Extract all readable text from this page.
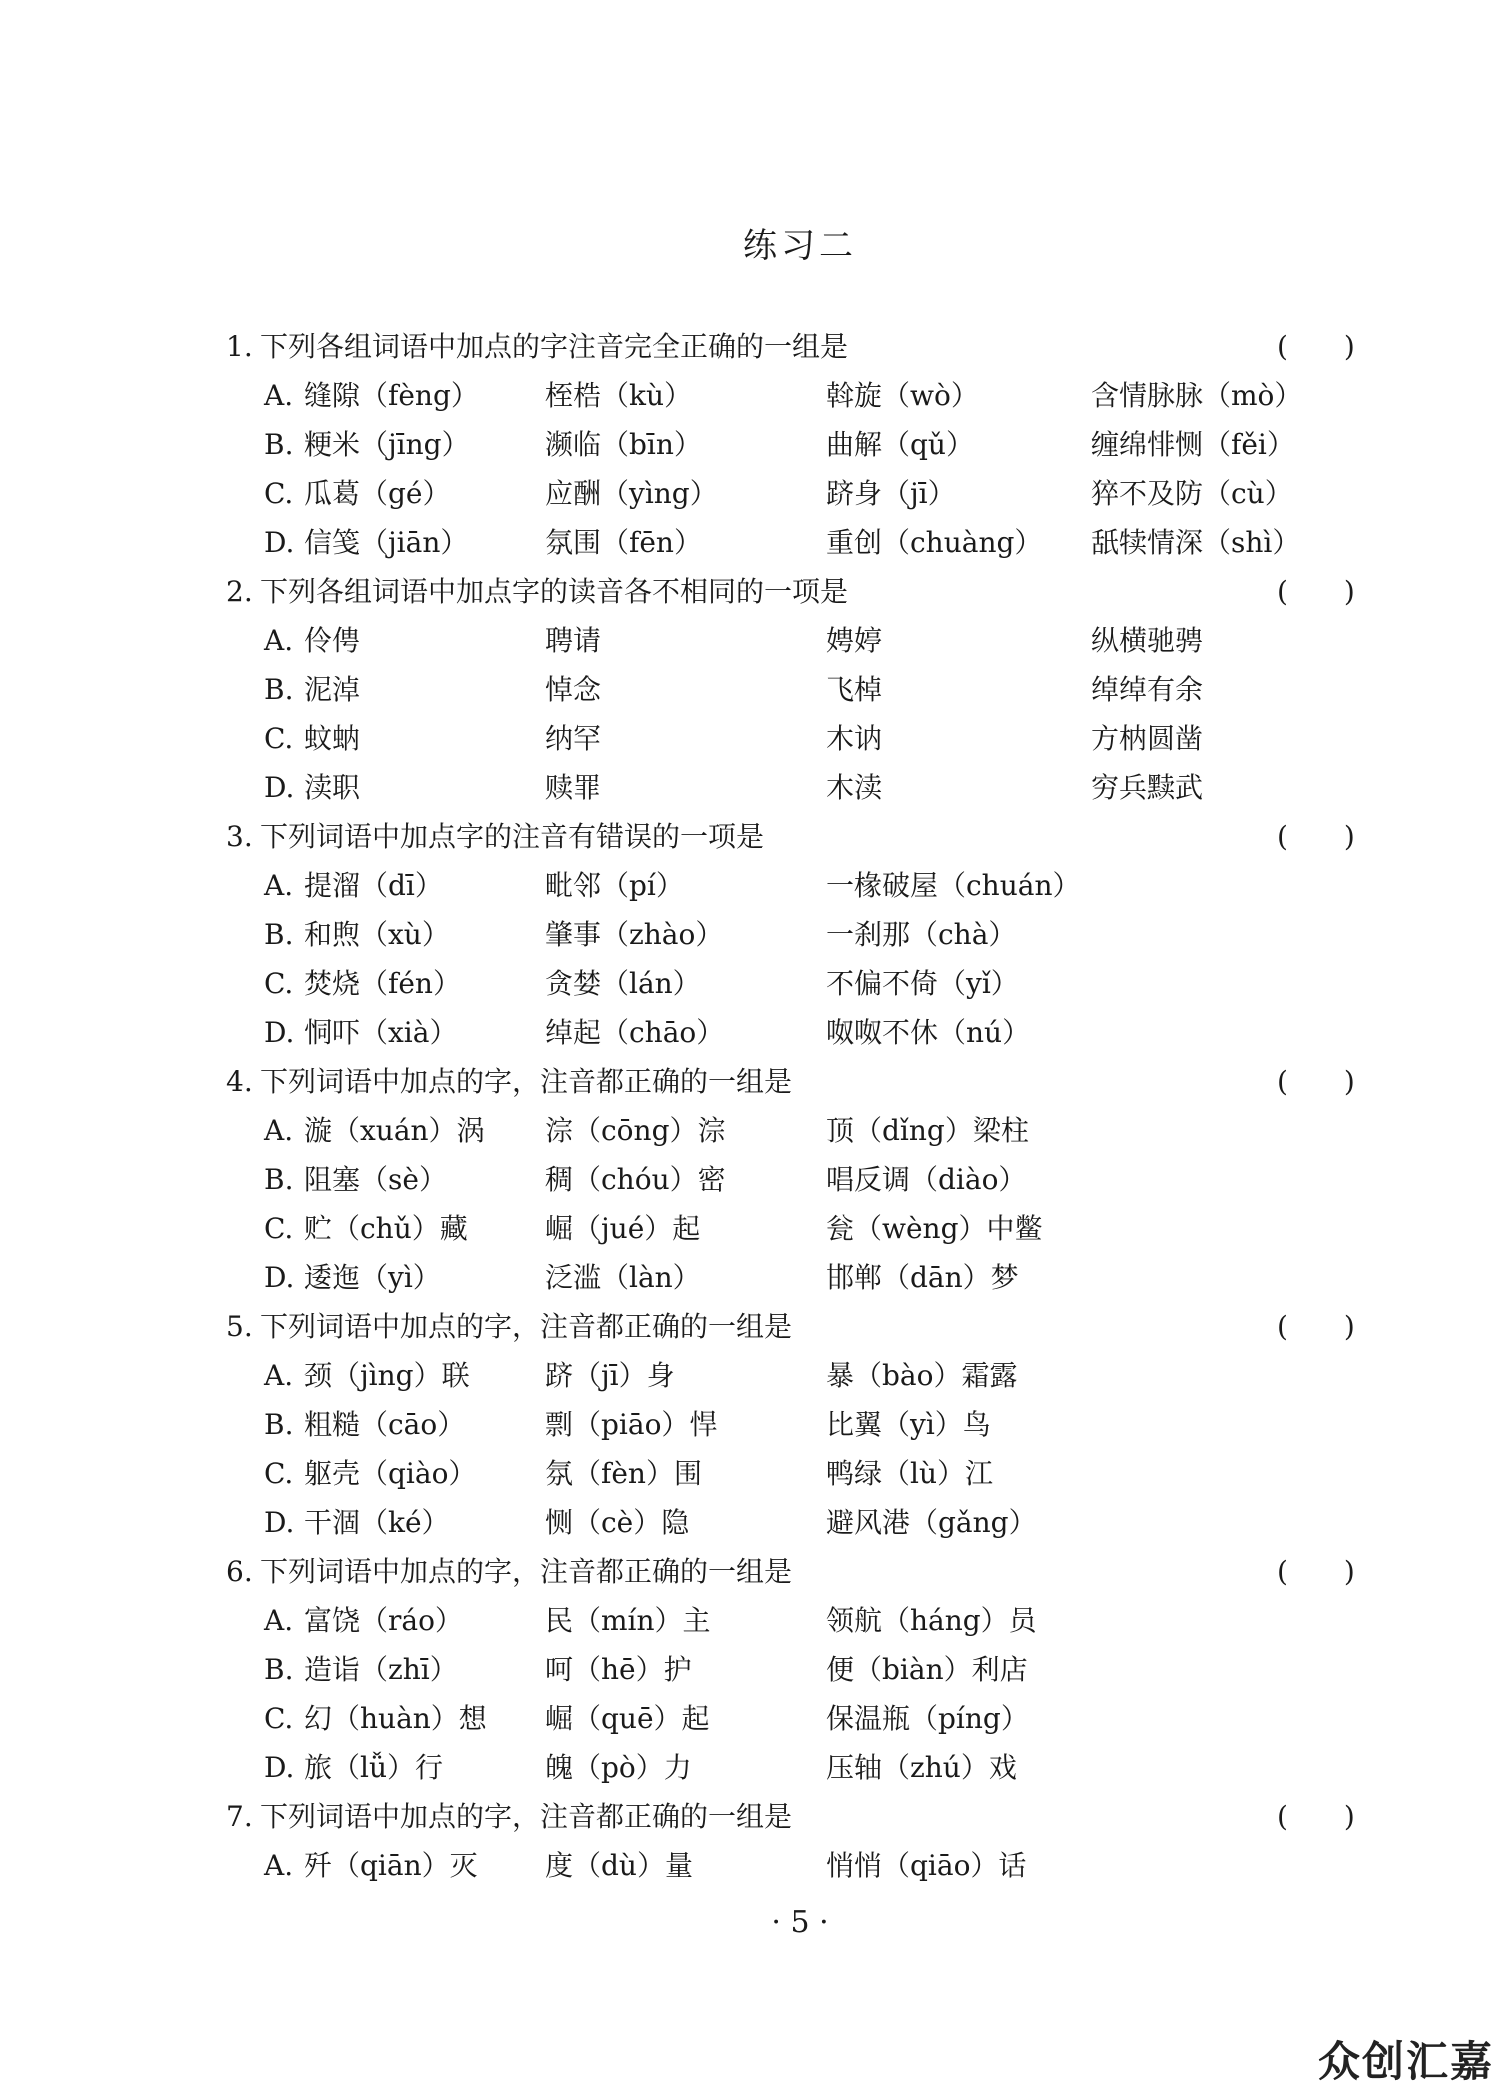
练习二
1. 下列各组词语中加点的字注音完全正确的一组是	(　　)
A. 缝隙（fèng） 桎梏（kù）	斡旋（wò）	含情脉脉（mò）
B. 粳米（jīng）	濒临（bīn）	曲解（qǔ）	缠绵悱恻（fěi）
C. 瓜葛（gé）	应酬（yìng）	跻身（jī）	猝不及防（cù）
D. 信笺（jiān）	氛围（fēn）	重创（chuàng） 舐犊情深（shì）
2. 下列各组词语中加点字的读音各不相同的一项是	(　　)
A. 伶俜	聘请	娉婷	纵横驰骋
B. 泥淖	悼念	飞棹	绰绰有余
C. 蚊蚋	纳罕	木讷	方枘圆凿
D. 渎职	赎罪	木渎	穷兵黩武
3. 下列词语中加点字的注音有错误的一项是	(　　)
A. 提溜（dī）	毗邻（pí）	一椽破屋（chuán）
B. 和煦（xù）	肇事（zhào）	一刹那（chà）
C. 焚烧（fén）	贪婪（lán）	不偏不倚（yǐ）
D. 恫吓（xià）	绰起（chāo）	呶呶不休（nú）
4. 下列词语中加点的字，注音都正确的一组是	(　　)
A. 漩（xuán）涡 淙（cōng）淙	顶（dǐng）梁柱
B. 阻塞（sè）	稠（chóu）密	唱反调（diào）
C. 贮（chǔ）藏	崛（jué）起	瓮（wèng）中鳖
D. 逶迤（yì）	泛滥（làn）	邯郸（dān）梦
5. 下列词语中加点的字，注音都正确的一组是	(　　)
A. 颈（jìng）联	跻（jī）身	暴（bào）霜露
B. 粗糙（cāo）	剽（piāo）悍	比翼（yì）鸟
C. 躯壳（qiào） 氛（fèn）围	鸭绿（lù）江
D. 干涸（ké）	恻（cè）隐	避风港（gǎng）
6. 下列词语中加点的字，注音都正确的一组是	(　　)
A. 富饶（ráo）	民（mín）主	领航（háng）员
B. 造诣（zhī）	呵（hē）护	便（biàn）利店
C. 幻（huàn）想 崛（quē）起	保温瓶（píng）
D. 旅（lǚ）行	魄（pò）力	压轴（zhú）戏
7. 下列词语中加点的字，注音都正确的一组是	(　　)
A. 歼（qiān）灭 度（dù）量	悄悄（qiāo）话
· 5 ·
众创汇嘉
